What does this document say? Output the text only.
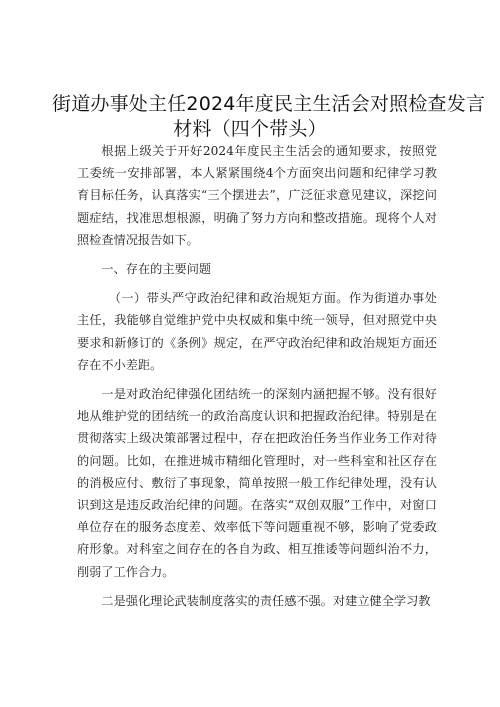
街道办事处主任2024年度民主生活会对照检查发言
材料（四个带头）

根据上级关于开好2024年度民主生活会的通知要求，按照党工委统一安排部署，本人紧紧围绕4个方面突出问题和纪律学习教育目标任务，认真落实“三个摆进去”，广泛征求意见建议，深挖问题症结，找准思想根源，明确了努力方向和整改措施。现将个人对照检查情况报告如下。

一、存在的主要问题

（一）带头严守政治纪律和政治规矩方面。作为街道办事处主任，我能够自觉维护党中央权威和集中统一领导，但对照党中央要求和新修订的《条例》规定，在严守政治纪律和政治规矩方面还存在不小差距。

一是对政治纪律强化团结统一的深刻内涵把握不够。没有很好地从维护党的团结统一的政治高度认识和把握政治纪律。特别是在贯彻落实上级决策部署过程中，存在把政治任务当作业务工作对待的问题。比如，在推进城市精细化管理时，对一些科室和社区存在的消极应付、敷衍了事现象，简单按照一般工作纪律处理，没有认识到这是违反政治纪律的问题。在落实“双创双服”工作中，对窗口单位存在的服务态度差、效率低下等问题重视不够，影响了党委政府形象。对科室之间存在的各自为政、相互推诿等问题纠治不力，削弱了工作合力。

二是强化理论武装制度落实的责任感不强。对建立健全学习教
